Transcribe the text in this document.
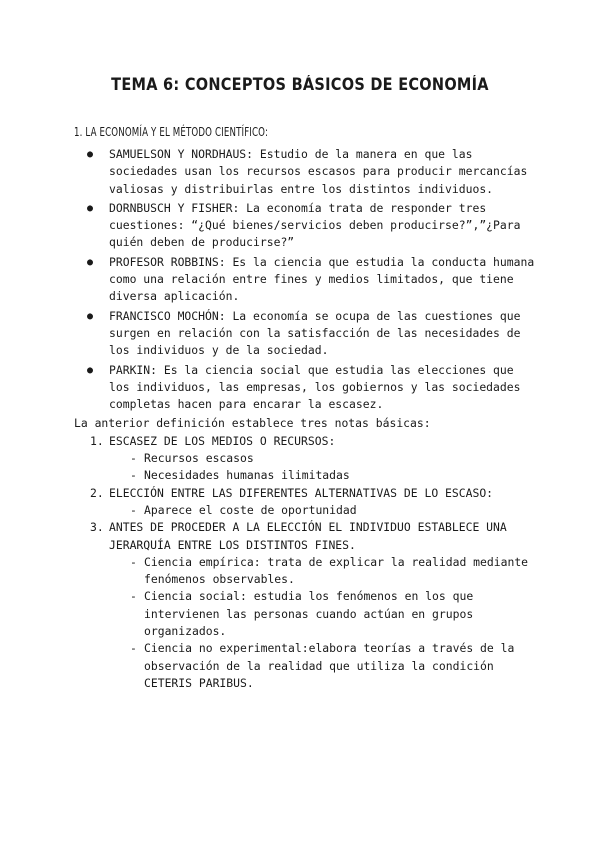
TEMA 6: CONCEPTOS BÁSICOS DE ECONOMÍA
1. LA ECONOMÍA Y EL MÉTODO CIENTÍFICO:
● SAMUELSON Y NORDHAUS: Estudio de la manera en que las sociedades usan los recursos escasos para producir mercancías valiosas y distribuirlas entre los distintos individuos.
● DORNBUSCH Y FISHER: La economía trata de responder tres cuestiones: “¿Qué bienes/servicios deben producirse?”,”¿Para quién deben de producirse?”
● PROFESOR ROBBINS: Es la ciencia que estudia la conducta humana como una relación entre fines y medios limitados, que tiene diversa aplicación.
● FRANCISCO MOCHÓN: La economía se ocupa de las cuestiones que surgen en relación con la satisfacción de las necesidades de los individuos y de la sociedad.
● PARKIN: Es la ciencia social que estudia las elecciones que los individuos, las empresas, los gobiernos y las sociedades completas hacen para encarar la escasez.

La anterior definición establece tres notas básicas:

1. ESCASEZ DE LOS MEDIOS O RECURSOS:
- Recursos escasos
- Necesidades humanas ilimitadas
2. ELECCIÓN ENTRE LAS DIFERENTES ALTERNATIVAS DE LO ESCASO:
- Aparece el coste de oportunidad
3. ANTES DE PROCEDER A LA ELECCIÓN EL INDIVIDUO ESTABLECE UNA JERARQUÍA ENTRE LOS DISTINTOS FINES.
- Ciencia empírica: trata de explicar la realidad mediante fenómenos observables.
- Ciencia social: estudia los fenómenos en los que intervienen las personas cuando actúan en grupos organizados.
- Ciencia no experimental:elabora teorías a través de la observación de la realidad que utiliza la condición CETERIS PARIBUS.
